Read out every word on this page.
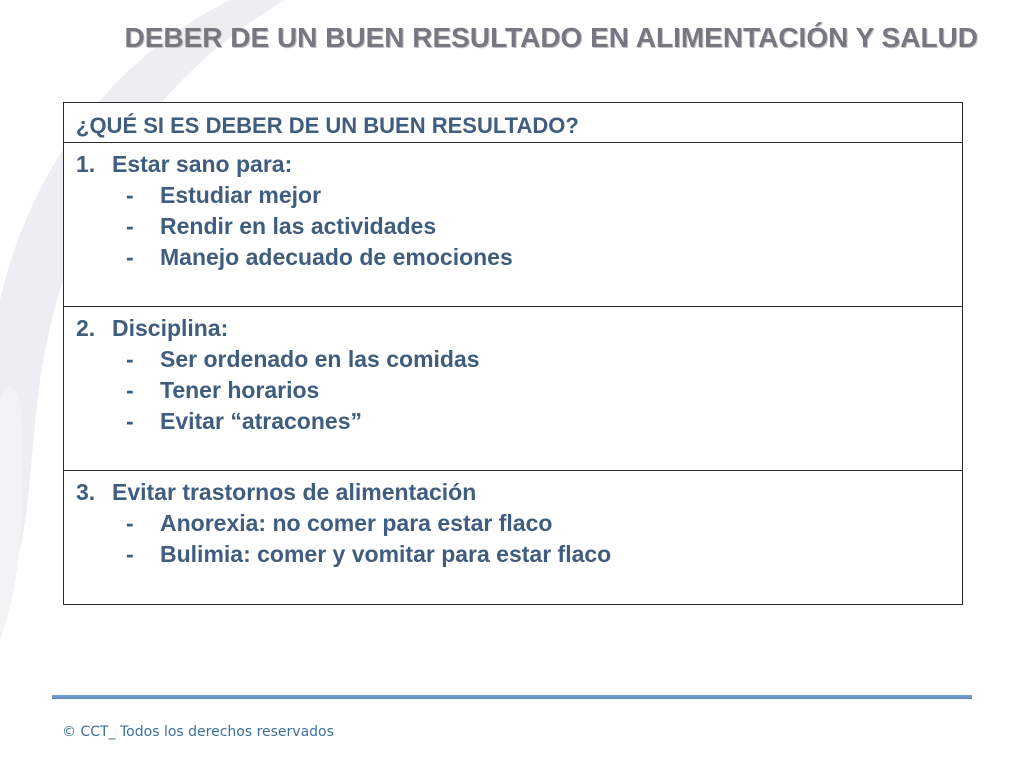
DEBER DE UN BUEN RESULTADO EN ALIMENTACIÓN Y SALUD
¿QUÉ SI ES DEBER DE UN BUEN RESULTADO?

1. Estar sano para:
- Estudiar mejor
- Rendir en las actividades
- Manejo adecuado de emociones

2. Disciplina:
- Ser ordenado en las comidas
- Tener horarios
- Evitar “atracones”

3. Evitar trastornos de alimentación
- Anorexia: no comer para estar flaco
- Bulimia: comer y vomitar para estar flaco
© CCT_ Todos los derechos reservados
